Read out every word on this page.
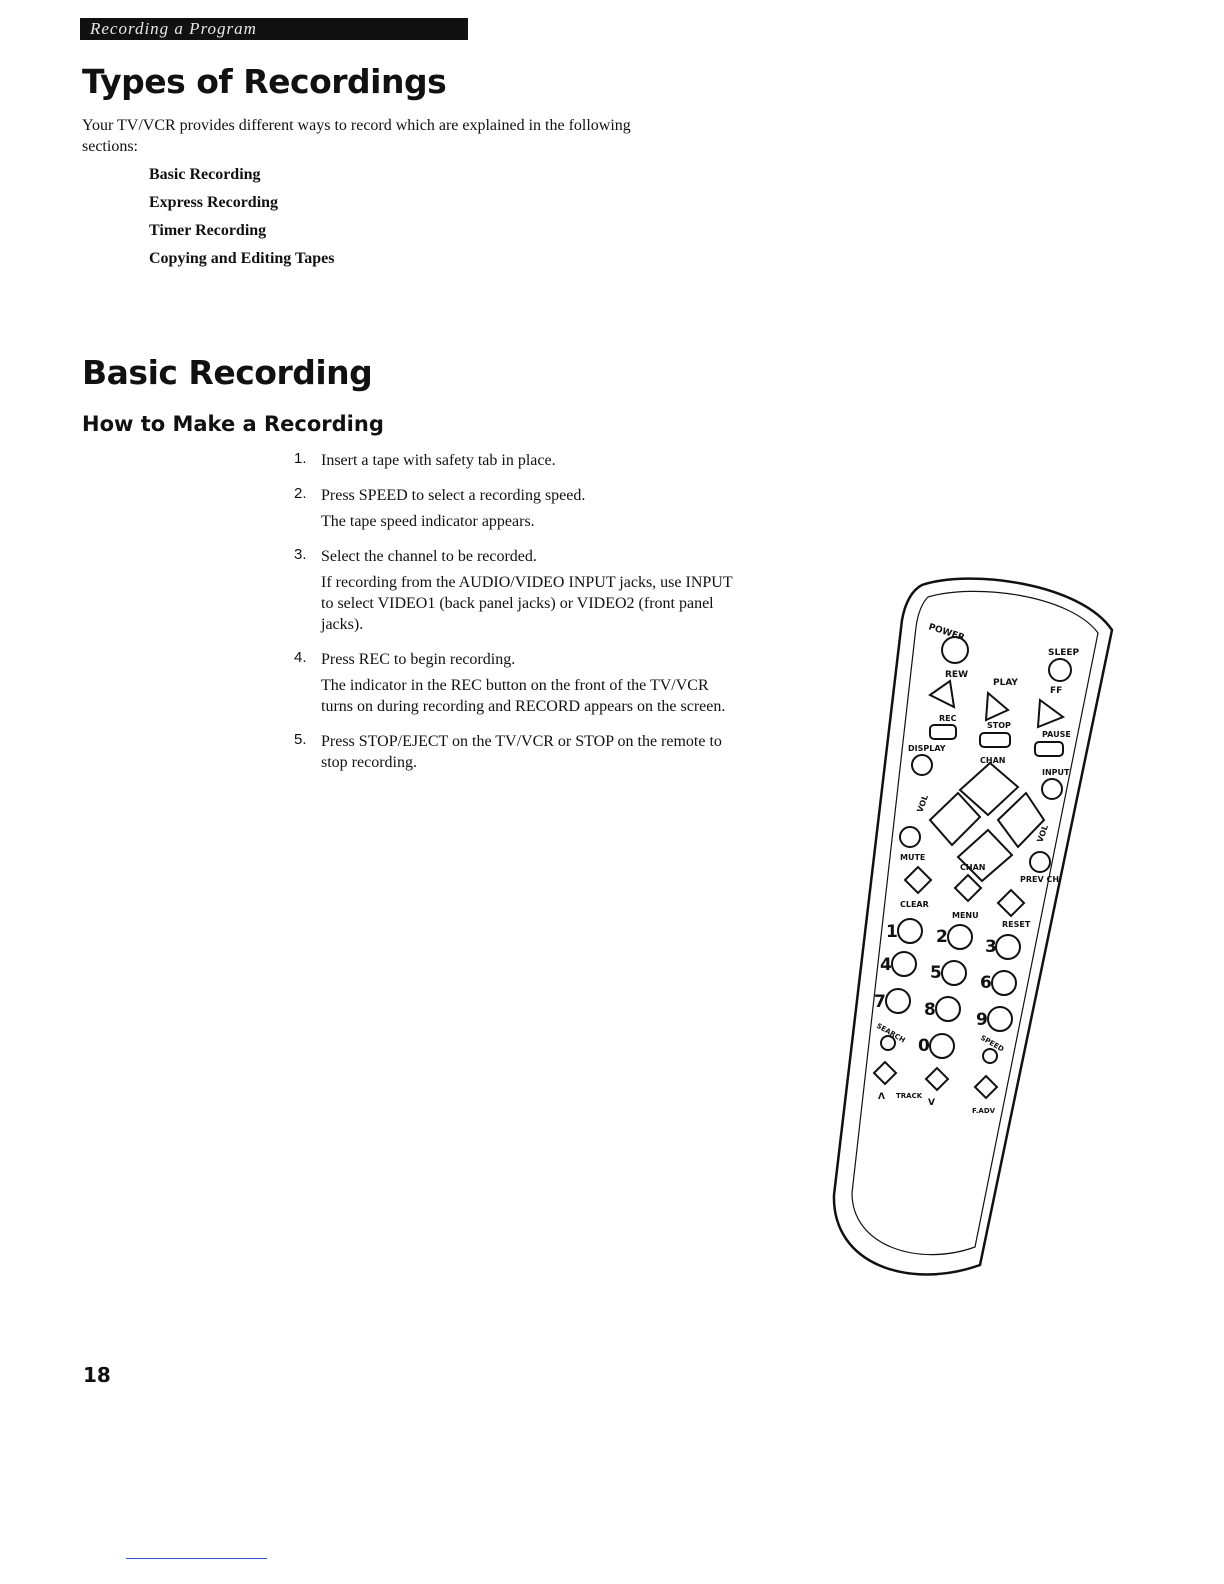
Recording a Program
Types of Recordings
Your TV/VCR provides different ways to record which are explained in the following sections:
Basic Recording
Express Recording
Timer Recording
Copying and Editing Tapes
Basic Recording
How to Make a Recording
1. Insert a tape with safety tab in place.
2. Press SPEED to select a recording speed.
The tape speed indicator appears.
3. Select the channel to be recorded.
If recording from the AUDIO/VIDEO INPUT jacks, use INPUT to select VIDEO1 (back panel jacks) or VIDEO2 (front panel jacks).
4. Press REC to begin recording.
The indicator in the REC button on the front of the TV/VCR turns on during recording and RECORD appears on the screen.
5. Press STOP/EJECT on the TV/VCR or STOP on the remote to stop recording.
POWER
SLEEP
REW
PLAY
FF
REC
STOP
PAUSE
DISPLAY
CHAN
INPUT
VOL
VOL
MUTE
CHAN
PREV CH
CLEAR
MENU
RESET
1 2 3
4 5 6
7 8 9
0
SEARCH	SPEED
Λ TRACK
V
F.ADV
18
